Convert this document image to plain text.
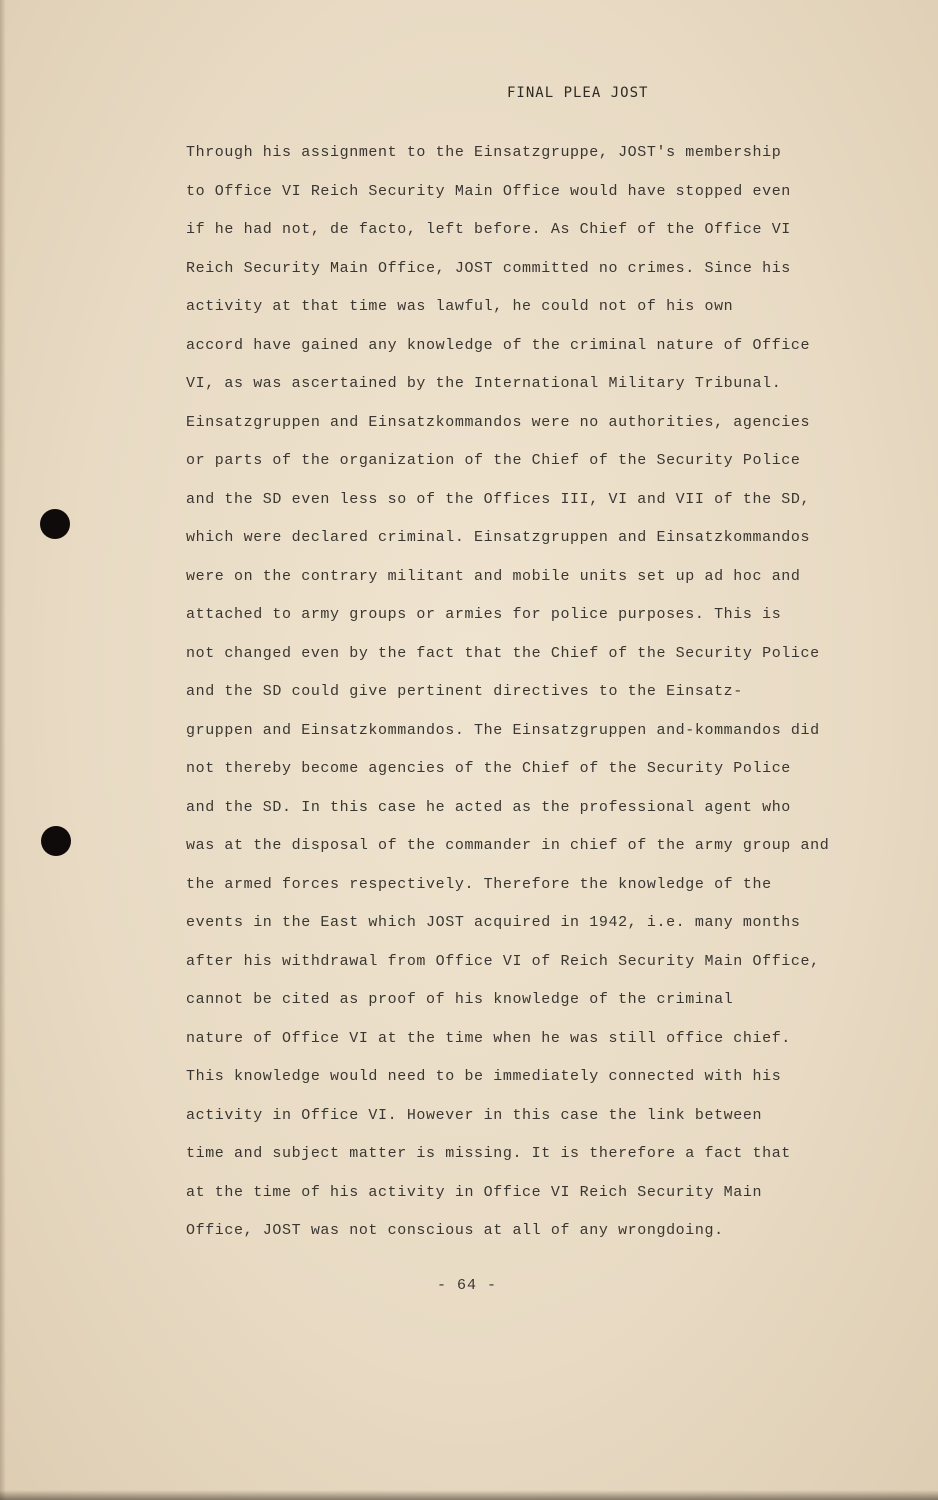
FINAL PLEA JOST
Through his assignment to the Einsatzgruppe, JOST's membership
to Office VI Reich Security Main Office would have stopped even
if he had not, de facto, left before. As Chief of the Office VI
Reich Security Main Office, JOST committed no crimes. Since his
activity at that time was lawful, he could not of his own
accord have gained any knowledge of the criminal nature of Office
VI, as was ascertained by the International Military Tribunal.
Einsatzgruppen and Einsatzkommandos were no authorities, agencies
or parts of the organization of the Chief of the Security Police
and the SD even less so of the Offices III, VI and VII of the SD,
which were declared criminal. Einsatzgruppen and Einsatzkommandos
were on the contrary militant and mobile units set up ad hoc and
attached to army groups or armies for police purposes. This is
not changed even by the fact that the Chief of the Security Police
and the SD could give pertinent directives to the Einsatz-
gruppen and Einsatzkommandos. The Einsatzgruppen and-kommandos did
not thereby become agencies of the Chief of the Security Police
and the SD. In this case he acted as the professional agent who
was at the disposal of the commander in chief of the army group and
the armed forces respectively. Therefore the knowledge of the
events in the East which JOST acquired in 1942, i.e. many months
after his withdrawal from Office VI of Reich Security Main Office,
cannot be cited as proof of his knowledge of the criminal
nature of Office VI at the time when he was still office chief.
This knowledge would need to be immediately connected with his
activity in Office VI. However in this case the link between
time and subject matter is missing. It is therefore a fact that
at the time of his activity in Office VI Reich Security Main
Office, JOST was not conscious at all of any wrongdoing.
- 64 -
